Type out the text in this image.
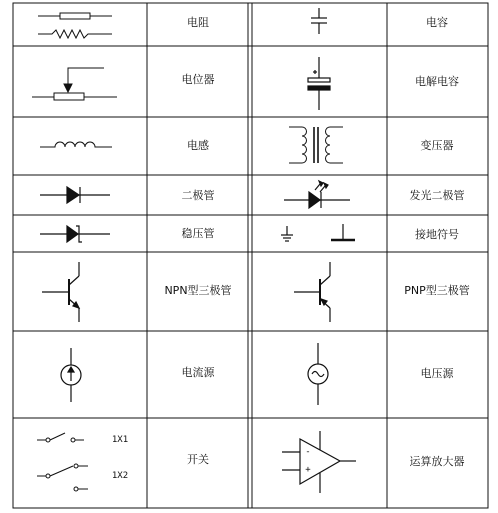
电阻	电容
电位器	电解电容
电感	变压器
二极管	发光二极管
稳压管	接地符号
NPN型三极管	PNP型三极管
电流源	电压源
开关	运算放大器
1X1
1X2
-
+
